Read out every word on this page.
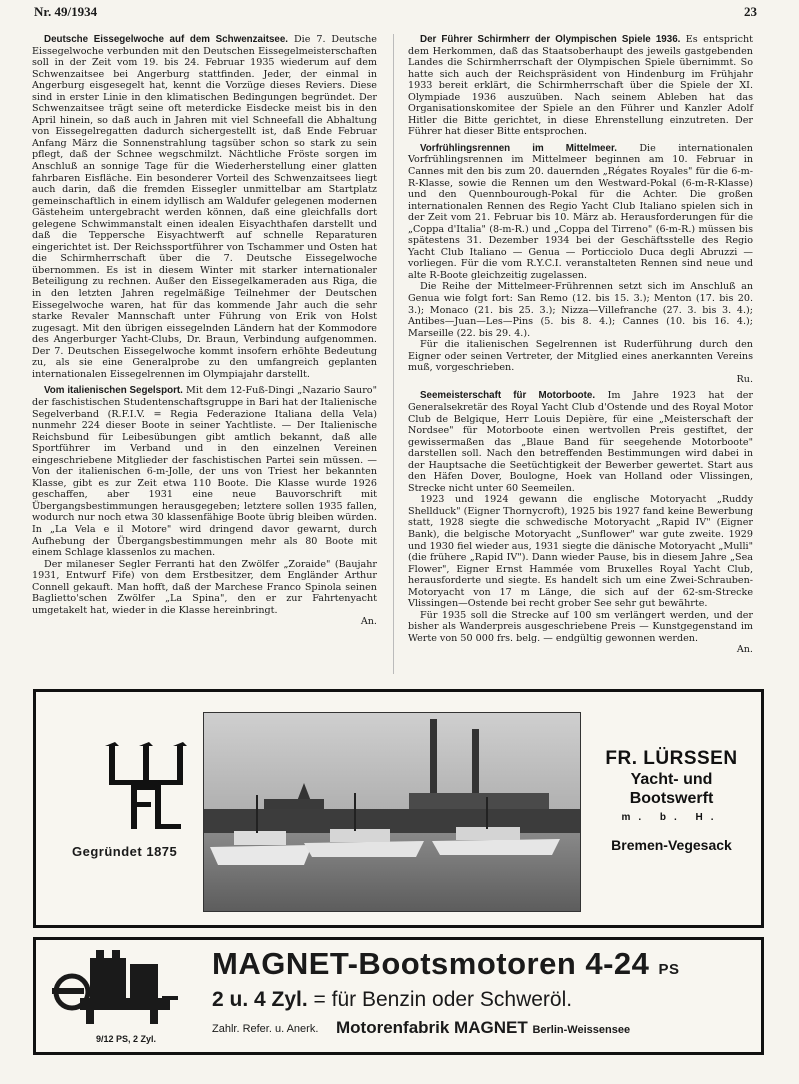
Nr. 49/1934	23

Deutsche Eissegelwoche auf dem Schwenzaitsee. Die 7. Deutsche Eissegelwoche verbunden mit den Deutschen Eissegelmeisterschaften soll in der Zeit vom 19. bis 24. Februar 1935 wiederum auf dem Schwenzaitsee bei Angerburg stattfinden. Jeder, der einmal in Angerburg eisgesegelt hat, kennt die Vorzüge dieses Reviers. Diese sind in erster Linie in den klimatischen Bedingungen begründet. Der Schwenzaitsee trägt seine oft meterdicke Eisdecke meist bis in den April hinein, so daß auch in Jahren mit viel Schneefall die Abhaltung von Eissegelregatten dadurch sichergestellt ist, daß Ende Februar Anfang März die Sonnenstrahlung tagsüber schon so stark zu sein pflegt, daß der Schnee wegschmilzt. Nächtliche Fröste sorgen im Anschluß an sonnige Tage für die Wiederherstellung einer glatten fahrbaren Eisfläche. Ein besonderer Vorteil des Schwenzaitsees liegt auch darin, daß die fremden Eissegler unmittelbar am Startplatz gemeinschaftlich in einem idyllisch am Waldufer gelegenen modernen Gästeheim untergebracht werden können, daß eine gleichfalls dort gelegene Schwimmanstalt einen idealen Eisyachthafen darstellt und daß die Teppersche Eisyachtwerft auf schnelle Reparaturen eingerichtet ist. Der Reichssportführer von Tschammer und Osten hat die Schirmherrschaft über die 7. Deutsche Eissegelwoche übernommen. Es ist in diesem Winter mit starker internationaler Beteiligung zu rechnen. Außer den Eissegelkameraden aus Riga, die in den letzten Jahren regelmäßige Teilnehmer der Deutschen Eissegelwoche waren, hat für das kommende Jahr auch die sehr starke Revaler Mannschaft unter Führung von Erik von Holst zugesagt. Mit den übrigen eissegelnden Ländern hat der Kommodore des Angerburger Yacht-Clubs, Dr. Braun, Verbindung aufgenommen. Der 7. Deutschen Eissegelwoche kommt insofern erhöhte Bedeutung zu, als sie eine Generalprobe zu den umfangreich geplanten internationalen Eissegelrennen im Olympiajahr darstellt.

Vom italienischen Segelsport. Mit dem 12-Fuß-Dingi „Nazario Sauro" der faschistischen Studentenschaftsgruppe in Bari hat der Italienische Segelverband (R.F.I.V. = Regia Federazione Italiana della Vela) nunmehr 224 dieser Boote in seiner Yachtliste. — Der Italienische Reichsbund für Leibesübungen gibt amtlich bekannt, daß alle Sportführer im Verband und in den einzelnen Vereinen eingeschriebene Mitglieder der faschistischen Partei sein müssen. — Von der italienischen 6-m-Jolle, der uns von Triest her bekannten Klasse, gibt es zur Zeit etwa 110 Boote. Die Klasse wurde 1926 geschaffen, aber 1931 eine neue Bauvorschrift mit Übergangsbestimmungen herausgegeben; letztere sollen 1935 fallen, wodurch nur noch etwa 30 klassenfähige Boote übrig bleiben würden. In „La Vela e il Motore" wird dringend davor gewarnt, durch Aufhebung der Übergangsbestimmungen mehr als 80 Boote mit einem Schlage klassenlos zu machen.

Der milaneser Segler Ferranti hat den Zwölfer „Zoraide" (Baujahr 1931, Entwurf Fife) von dem Erstbesitzer, dem Engländer Arthur Connell gekauft. Man hofft, daß der Marchese Franco Spinola seinen Baglietto'schen Zwölfer „La Spina", den er zur Fahrtenyacht umgetakelt hat, wieder in die Klasse hereinbringt.

An.

Der Führer Schirmherr der Olympischen Spiele 1936. Es entspricht dem Herkommen, daß das Staatsoberhaupt des jeweils gastgebenden Landes die Schirmherrschaft der Olympischen Spiele übernimmt. So hatte sich auch der Reichspräsident von Hindenburg im Frühjahr 1933 bereit erklärt, die Schirmherrschaft über die Spiele der XI. Olympiade 1936 auszuüben. Nach seinem Ableben hat das Organisationskomitee der Spiele an den Führer und Kanzler Adolf Hitler die Bitte gerichtet, in diese Ehrenstellung einzutreten. Der Führer hat dieser Bitte entsprochen.

Vorfrühlingsrennen im Mittelmeer. Die internationalen Vorfrühlingsrennen im Mittelmeer beginnen am 10. Februar in Cannes mit den bis zum 20. dauernden „Régates Royales" für die 6-m-R-Klasse, sowie die Rennen um den Westward-Pokal (6-m-R-Klasse) und den Quennbourough-Pokal für die Achter. Die großen internationalen Rennen des Regio Yacht Club Italiano spielen sich in der Zeit vom 21. Februar bis 10. März ab. Herausforderungen für die „Coppa d'Italia" (8-m-R.) und „Coppa del Tirreno" (6-m-R.) müssen bis spätestens 31. Dezember 1934 bei der Geschäftsstelle des Regio Yacht Club Italiano — Genua — Porticciolo Duca degli Abruzzi — vorliegen. Für die vom R.Y.C.I. veranstalteten Rennen sind neue und alte R-Boote gleichzeitig zugelassen.

Die Reihe der Mittelmeer-Frührennen setzt sich im Anschluß an Genua wie folgt fort: San Remo (12. bis 15. 3.); Menton (17. bis 20. 3.); Monaco (21. bis 25. 3.); Nizza—Villefranche (27. 3. bis 3. 4.); Antibes—Juan—Les—Pins (5. bis 8. 4.); Cannes (10. bis 16. 4.); Marseille (22. bis 29. 4.).

Für die italienischen Segelrennen ist Ruderführung durch den Eigner oder seinen Vertreter, der Mitglied eines anerkannten Vereins muß, vorgeschrieben.

Ru.

Seemeisterschaft für Motorboote. Im Jahre 1923 hat der Generalsekretär des Royal Yacht Club d'Ostende und des Royal Motor Club de Belgique, Herr Louis Depière, für eine „Meisterschaft der Nordsee" für Motorboote einen wertvollen Preis gestiftet, der gewissermaßen das „Blaue Band für seegehende Motorboote" darstellen soll. Nach den betreffenden Bestimmungen wird dabei in der Hauptsache die Seetüchtigkeit der Bewerber gewertet. Start aus den Häfen Dover, Boulogne, Hoek van Holland oder Vlissingen, Strecke nicht unter 60 Seemeilen.

1923 und 1924 gewann die englische Motoryacht „Ruddy Shellduck" (Eigner Thornycroft), 1925 bis 1927 fand keine Bewerbung statt, 1928 siegte die schwedische Motoryacht „Rapid IV" (Eigner Bank), die belgische Motoryacht „Sunflower" war gute zweite. 1929 und 1930 fiel wieder aus, 1931 siegte die dänische Motoryacht „Mulli" (die frühere „Rapid IV"). Dann wieder Pause, bis in diesem Jahre „Sea Flower", Eigner Ernst Hammée vom Bruxelles Royal Yacht Club, herausforderte und siegte. Es handelt sich um eine Zwei-Schrauben-Motoryacht von 17 m Länge, die sich auf der 62-sm-Strecke Vlissingen—Ostende bei recht grober See sehr gut bewährte.

Für 1935 soll die Strecke auf 100 sm verlängert werden, und der bisher als Wanderpreis ausgeschriebene Preis — Kunstgegenstand im Werte von 50 000 frs. belg. — endgültig gewonnen werden.

An.

Gegründet 1875
FR. LÜRSSEN
Yacht- und
Bootswerft
m. b. H.
Bremen-Vegesack
9/12 PS, 2 Zyl.
MAGNET-Bootsmotoren 4-24 PS
2 u. 4 Zyl. = für Benzin oder Schweröl.
Zahlr. Refer. u. Anerk. Motorenfabrik MAGNET Berlin-Weissensee
